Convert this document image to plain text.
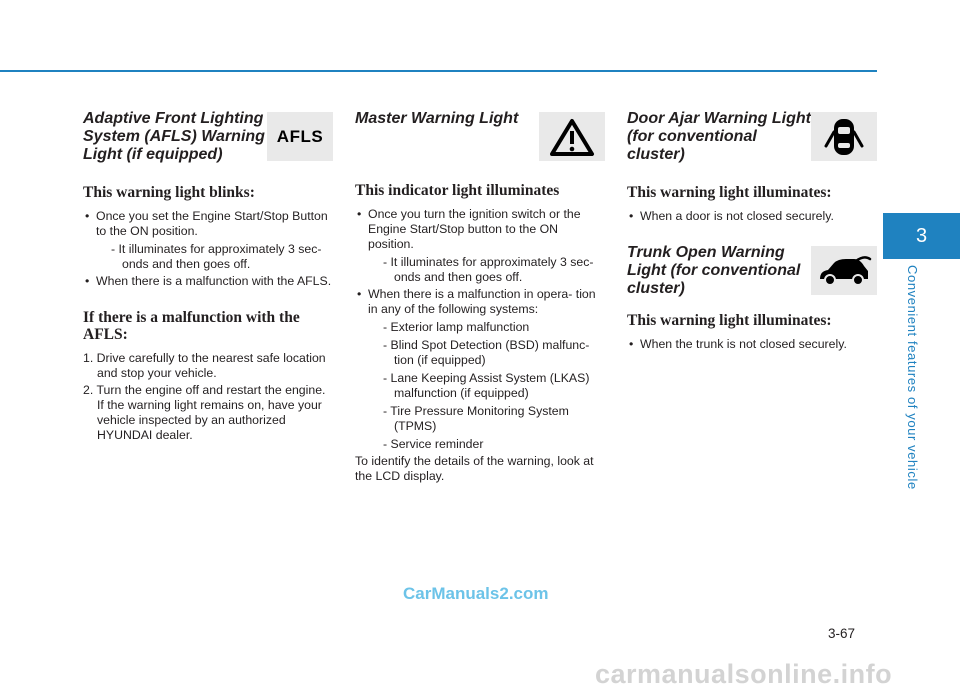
Adaptive Front Lighting System (AFLS) Warning Light (if equipped)
AFLS
This warning light blinks:
• Once you set the Engine Start/Stop Button to the ON position.
- It illuminates for approximately 3 sec- onds and then goes off.
• When there is a malfunction with the AFLS.
If there is a malfunction with the AFLS:
1. Drive carefully to the nearest safe location and stop your vehicle.
2. Turn the engine off and restart the engine. If the warning light remains on, have your vehicle inspected by an authorized HYUNDAI dealer.
Master Warning Light
This indicator light illuminates
• Once you turn the ignition switch or the Engine Start/Stop button to the ON position.
- It illuminates for approximately 3 sec- onds and then goes off.
• When there is a malfunction in opera- tion in any of the following systems:
- Exterior lamp malfunction
- Blind Spot Detection (BSD) malfunc- tion (if equipped)
- Lane Keeping Assist System (LKAS) malfunction (if equipped)
- Tire Pressure Monitoring System (TPMS)
- Service reminder

To identify the details of the warning, look at the LCD display.

Door Ajar Warning Light (for conventional cluster)
This warning light illuminates:
• When a door is not closed securely.
Trunk Open Warning Light (for conventional cluster)
This warning light illuminates:
• When the trunk is not closed securely.
3
Convenient features of your vehicle
3-67
CarManuals2.com
carmanualsonline.info
